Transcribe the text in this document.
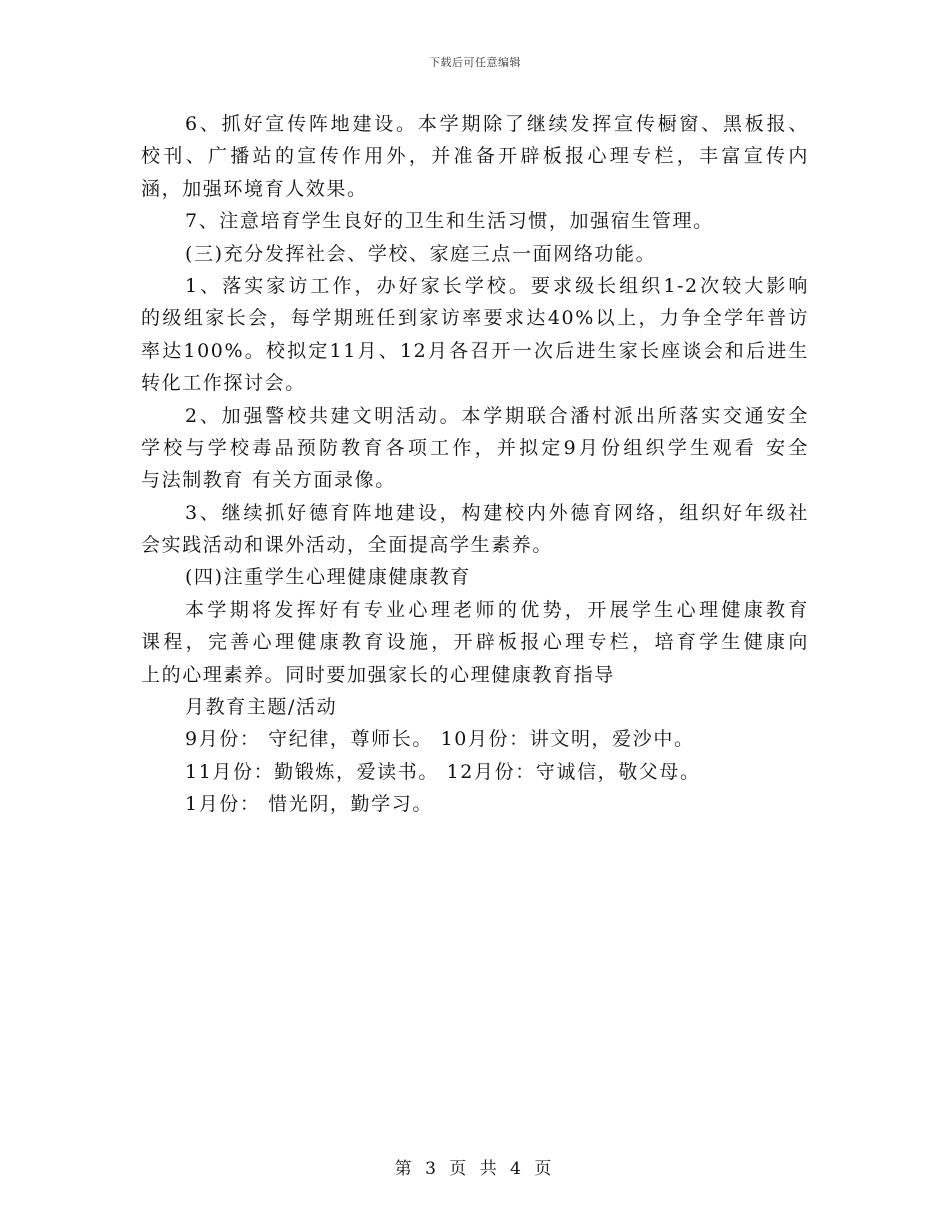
下载后可任意编辑
6、抓好宣传阵地建设。本学期除了继续发挥宣传橱窗、黑板报、
校刊、广播站的宣传作用外，并准备开辟板报心理专栏，丰富宣传内
涵，加强环境育人效果。
7、注意培育学生良好的卫生和生活习惯，加强宿生管理。
(三)充分发挥社会、学校、家庭三点一面网络功能。
1、落实家访工作，办好家长学校。要求级长组织1-2次较大影响
的级组家长会，每学期班任到家访率要求达40%以上，力争全学年普访
率达100%。校拟定11月、12月各召开一次后进生家长座谈会和后进生
转化工作探讨会。
2、加强警校共建文明活动。本学期联合潘村派出所落实交通安全
学校与学校毒品预防教育各项工作，并拟定9月份组织学生观看 安全
与法制教育 有关方面录像。
3、继续抓好德育阵地建设，构建校内外德育网络，组织好年级社
会实践活动和课外活动，全面提高学生素养。
(四)注重学生心理健康健康教育
本学期将发挥好有专业心理老师的优势，开展学生心理健康教育
课程，完善心理健康教育设施，开辟板报心理专栏，培育学生健康向
上的心理素养。同时要加强家长的心理健康教育指导
月教育主题/活动
9月份： 守纪律，尊师长。 10月份：讲文明，爱沙中。
11月份：勤锻炼，爱读书。 12月份：守诚信，敬父母。
1月份： 惜光阴，勤学习。
第 3 页 共 4 页
